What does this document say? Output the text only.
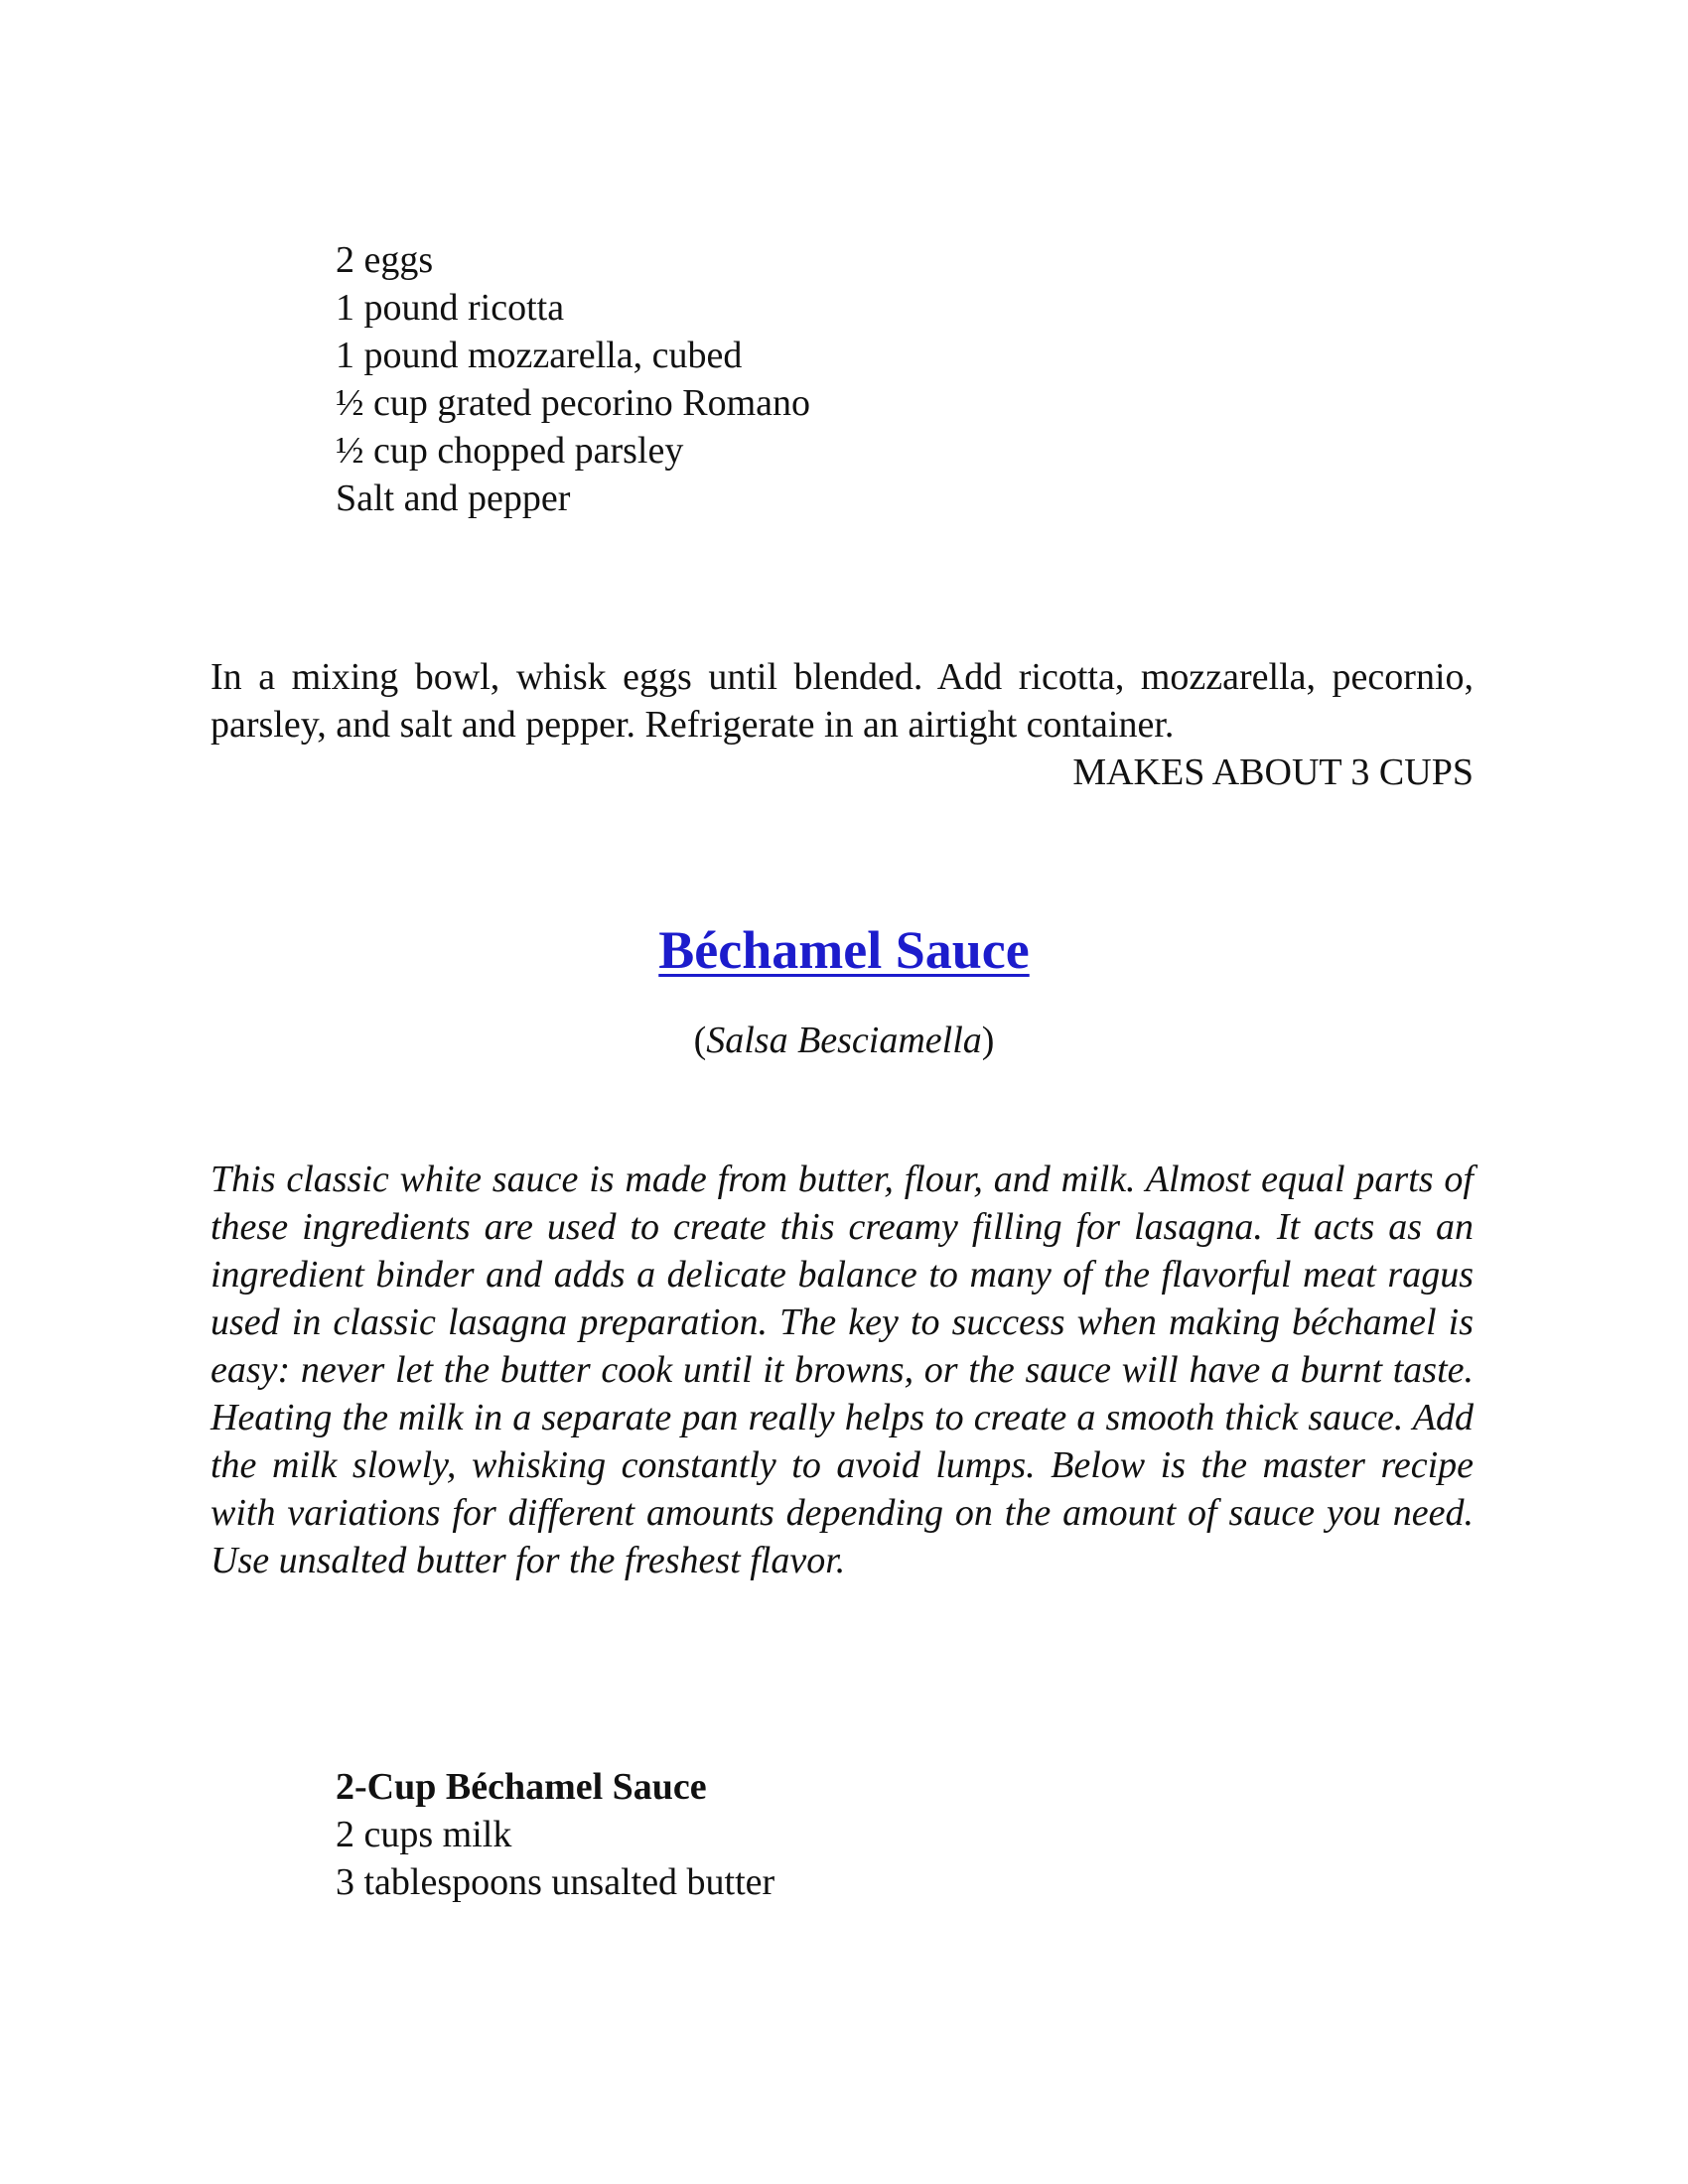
2 eggs
1 pound ricotta
1 pound mozzarella, cubed
½ cup grated pecorino Romano
½ cup chopped parsley
Salt and pepper
In a mixing bowl, whisk eggs until blended. Add ricotta, mozzarella, pecornio, parsley, and salt and pepper. Refrigerate in an airtight container.
MAKES ABOUT 3 CUPS
Béchamel Sauce
(Salsa Besciamella)
This classic white sauce is made from butter, flour, and milk. Almost equal parts of these ingredients are used to create this creamy filling for lasagna. It acts as an ingredient binder and adds a delicate balance to many of the flavorful meat ragus used in classic lasagna preparation. The key to success when making béchamel is easy: never let the butter cook until it browns, or the sauce will have a burnt taste. Heating the milk in a separate pan really helps to create a smooth thick sauce. Add the milk slowly, whisking constantly to avoid lumps. Below is the master recipe with variations for different amounts depending on the amount of sauce you need. Use unsalted butter for the freshest flavor.
2-Cup Béchamel Sauce
2 cups milk
3 tablespoons unsalted butter
